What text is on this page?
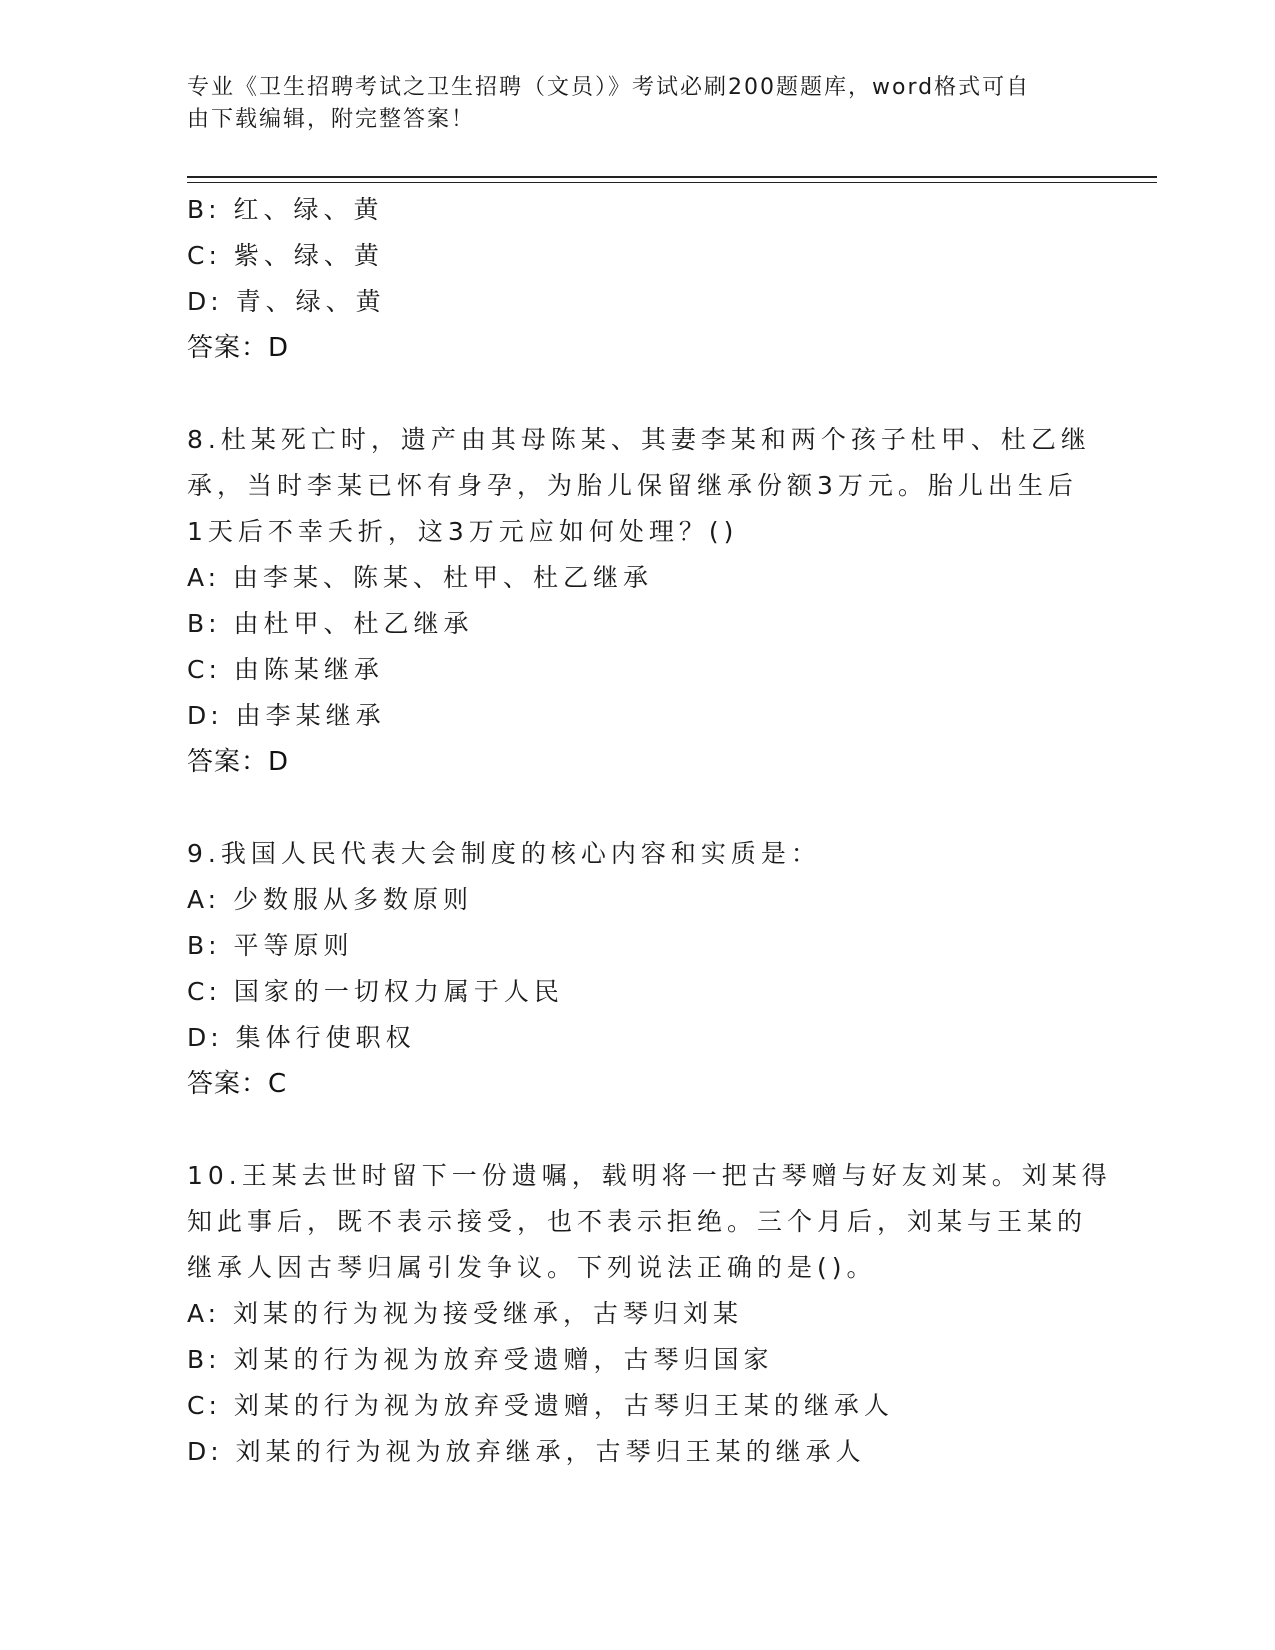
专业《卫生招聘考试之卫生招聘（文员）》考试必刷200题题库，word格式可自
由下载编辑，附完整答案！
B: 红、绿、黄
C: 紫、绿、黄
D: 青、绿、黄
答案：D
8.杜某死亡时，遗产由其母陈某、其妻李某和两个孩子杜甲、杜乙继
承，当时李某已怀有身孕，为胎儿保留继承份额3万元。胎儿出生后
1天后不幸夭折，这3万元应如何处理？()
A: 由李某、陈某、杜甲、杜乙继承
B: 由杜甲、杜乙继承
C: 由陈某继承
D: 由李某继承
答案：D
9.我国人民代表大会制度的核心内容和实质是：
A: 少数服从多数原则
B: 平等原则
C: 国家的一切权力属于人民
D: 集体行使职权
答案：C
10.王某去世时留下一份遗嘱，载明将一把古琴赠与好友刘某。刘某得
知此事后，既不表示接受，也不表示拒绝。三个月后，刘某与王某的
继承人因古琴归属引发争议。下列说法正确的是()。
A: 刘某的行为视为接受继承，古琴归刘某
B: 刘某的行为视为放弃受遗赠，古琴归国家
C: 刘某的行为视为放弃受遗赠，古琴归王某的继承人
D: 刘某的行为视为放弃继承，古琴归王某的继承人
